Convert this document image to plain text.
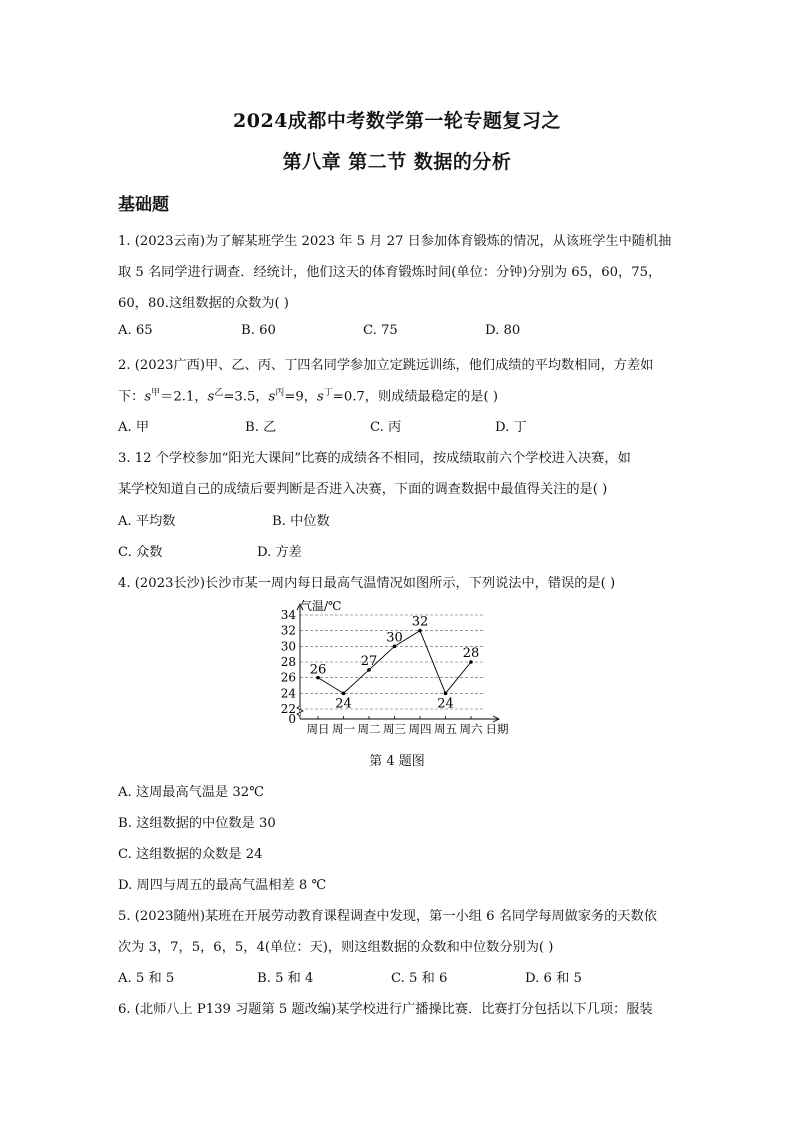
2024成都中考数学第一轮专题复习之
第八章 第二节 数据的分析
基础题
1. (2023云南)为了解某班学生 2023 年 5 月 27 日参加体育锻炼的情况，从该班学生中随机抽
取 5 名同学进行调查．经统计，他们这天的体育锻炼时间(单位：分钟)分别为 65，60，75，
60，80.这组数据的众数为( )
A. 65	B. 60	C. 75	D. 80
2. (2023广西)甲、乙、丙、丁四名同学参加立定跳远训练，他们成绩的平均数相同，方差如
下：$s^甲=2.1$，$s^乙=3.5$，$s^丙=9$，$s^丁=0.7$，则成绩最稳定的是( )
A. 甲	B. 乙	C. 丙	D. 丁
3. 12 个学校参加“阳光大课间”比赛的成绩各不相同，按成绩取前六个学校进入决赛，如
某学校知道自己的成绩后要判断是否进入决赛，下面的调查数据中最值得关注的是( )
A. 平均数	B. 中位数
C. 众数	D. 方差
4. (2023长沙)长沙市某一周内每日最高气温情况如图所示，下列说法中，错误的是( )
0
22
24
26
28
30
32
34
周日 周一 周二 周三 周四 周五 周六 日期
26
24
27
30
32
24
28
气温/℃
第 4 题图
A. 这周最高气温是 32℃
B. 这组数据的中位数是 30
C. 这组数据的众数是 24
D. 周四与周五的最高气温相差 8 ℃
5. (2023随州)某班在开展劳动教育课程调查中发现，第一小组 6 名同学每周做家务的天数依
次为 3，7，5，6，5，4(单位：天)，则这组数据的众数和中位数分别为( )
A. 5 和 5	B. 5 和 4	C. 5 和 6	D. 6 和 5
6. (北师八上 P139 习题第 5 题改编)某学校进行广播操比赛．比赛打分包括以下几项：服装
